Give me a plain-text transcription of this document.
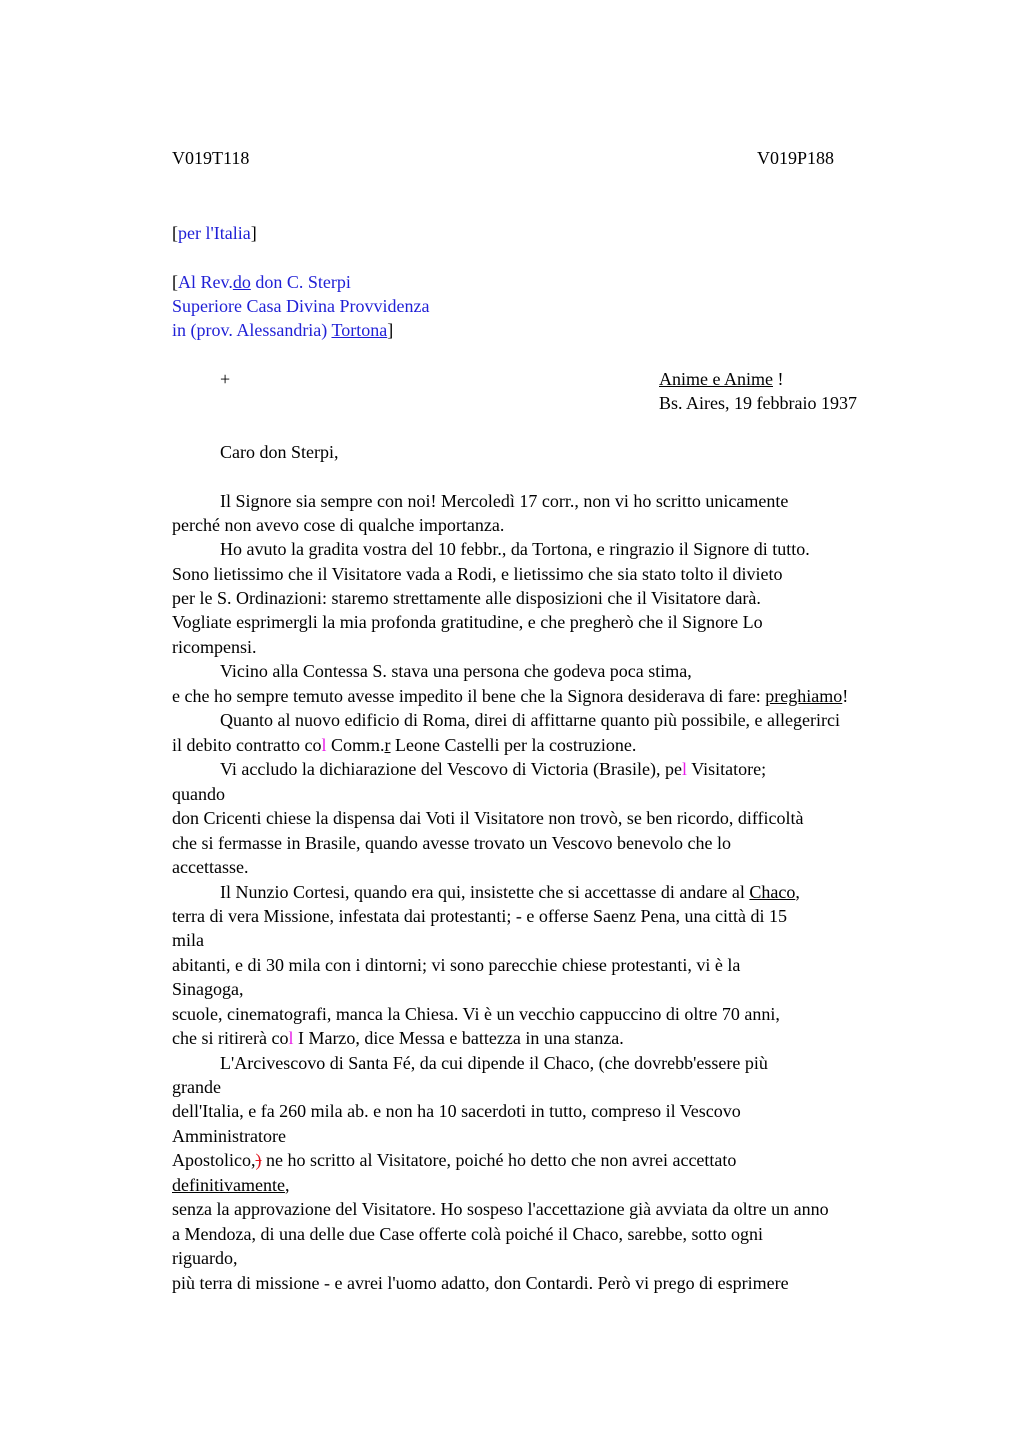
V019T118	V019P188
[per l'Italia]
[Al Rev.do don C. Sterpi
Superiore Casa Divina Provvidenza
in (prov. Alessandria) Tortona]
+	Anime e Anime !
Bs. Aires, 19 febbraio 1937
Caro don Sterpi,
Il Signore sia sempre con noi! Mercoledì 17 corr., non vi ho scritto unicamente
perché non avevo cose di qualche importanza.
Ho avuto la gradita vostra del 10 febbr., da Tortona, e ringrazio il Signore di tutto.
Sono lietissimo che il Visitatore vada a Rodi, e lietissimo che sia stato tolto il divieto
per le S. Ordinazioni: staremo strettamente alle disposizioni che il Visitatore darà.
Vogliate esprimergli la mia profonda gratitudine, e che pregherò che il Signore Lo
ricompensi.
Vicino alla Contessa S. stava una persona che godeva poca stima,
e che ho sempre temuto avesse impedito il bene che la Signora desiderava di fare: preghiamo!
Quanto al nuovo edificio di Roma, direi di affittarne quanto più possibile, e allegerirci
il debito contratto col Comm.r Leone Castelli per la costruzione.
Vi accludo la dichiarazione del Vescovo di Victoria (Brasile), pel Visitatore;
quando
don Cricenti chiese la dispensa dai Voti il Visitatore non trovò, se ben ricordo, difficoltà
che si fermasse in Brasile, quando avesse trovato un Vescovo benevolo che lo
accettasse.
Il Nunzio Cortesi, quando era qui, insistette che si accettasse di andare al Chaco,
terra di vera Missione, infestata dai protestanti; - e offerse Saenz Pena, una città di 15
mila
abitanti, e di 30 mila con i dintorni; vi sono parecchie chiese protestanti, vi è la
Sinagoga,
scuole, cinematografi, manca la Chiesa. Vi è un vecchio cappuccino di oltre 70 anni,
che si ritirerà col I Marzo, dice Messa e battezza in una stanza.
L'Arcivescovo di Santa Fé, da cui dipende il Chaco, (che dovrebb'essere più
grande
dell'Italia, e fa 260 mila ab. e non ha 10 sacerdoti in tutto, compreso il Vescovo
Amministratore
Apostolico,) ne ho scritto al Visitatore, poiché ho detto che non avrei accettato
definitivamente,
senza la approvazione del Visitatore. Ho sospeso l'accettazione già avviata da oltre un anno
a Mendoza, di una delle due Case offerte colà poiché il Chaco, sarebbe, sotto ogni
riguardo,
più terra di missione - e avrei l'uomo adatto, don Contardi. Però vi prego di esprimere
